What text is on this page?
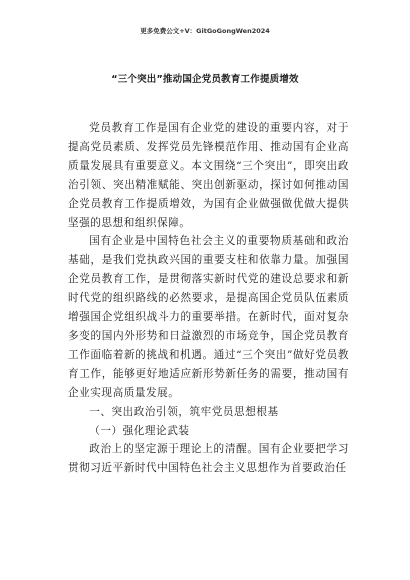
更多免费公文+V：GitGoGongWen2024
“三个突出”推动国企党员教育工作提质增效

党员教育工作是国有企业党的建设的重要内容，对于提高党员素质、发挥党员先锋模范作用、推动国有企业高质量发展具有重要意义。本文围绕“三个突出”，即突出政治引领、突出精准赋能、突出创新驱动，探讨如何推动国企党员教育工作提质增效，为国有企业做强做优做大提供坚强的思想和组织保障。

国有企业是中国特色社会主义的重要物质基础和政治基础，是我们党执政兴国的重要支柱和依靠力量。加强国企党员教育工作，是贯彻落实新时代党的建设总要求和新时代党的组织路线的必然要求，是提高国企党员队伍素质增强国企党组织战斗力的重要举措。在新时代，面对复杂多变的国内外形势和日益激烈的市场竞争，国企党员教育工作面临着新的挑战和机遇。通过“三个突出”做好党员教育工作，能够更好地适应新形势新任务的需要，推动国有企业实现高质量发展。

一、突出政治引领，筑牢党员思想根基

（一）强化理论武装

政治上的坚定源于理论上的清醒。国有企业要把学习贯彻习近平新时代中国特色社会主义思想作为首要政治任
